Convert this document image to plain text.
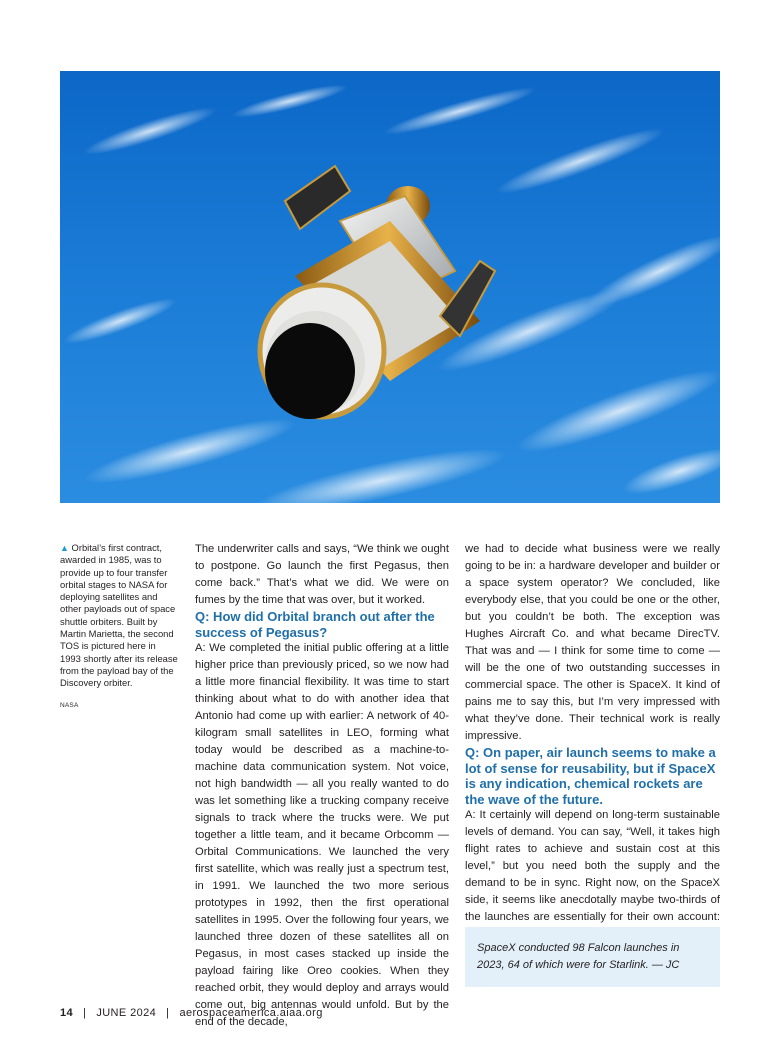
▲ Orbital’s first contract, awarded in 1985, was to provide up to four transfer orbital stages to NASA for deploying satellites and other payloads out of space shuttle orbiters. Built by Martin Marietta, the second TOS is pictured here in 1993 shortly after its release from the payload bay of the Discovery orbiter.
NASA

The underwriter calls and says, “We think we ought to postpone. Go launch the first Pegasus, then come back.” That’s what we did. We were on fumes by the time that was over, but it worked.

Q: How did Orbital branch out after the success of Pegasus?

A: We completed the initial public offering at a little higher price than previously priced, so we now had a little more financial flexibility. It was time to start thinking about what to do with another idea that Antonio had come up with earlier: A network of 40-kilogram small satellites in LEO, forming what today would be described as a machine-to-machine data communication system. Not voice, not high bandwidth — all you really wanted to do was let something like a trucking company receive signals to track where the trucks were. We put together a little team, and it became Orbcomm — Orbital Communications. We launched the very first satellite, which was really just a spectrum test, in 1991. We launched the two more serious prototypes in 1992, then the first operational satellites in 1995. Over the following four years, we launched three dozen of these satellites all on Pegasus, in most cases stacked up inside the payload fairing like Oreo cookies. When they reached orbit, they would deploy and arrays would come out, big antennas would unfold. But by the end of the decade,

we had to decide what business were we really going to be in: a hardware developer and builder or a space system operator? We concluded, like everybody else, that you could be one or the other, but you couldn’t be both. The exception was Hughes Aircraft Co. and what became DirecTV. That was and — I think for some time to come — will be the one of two outstanding successes in commercial space. The other is SpaceX. It kind of pains me to say this, but I’m very impressed with what they’ve done. Their technical work is really impressive.

Q: On paper, air launch seems to make a lot of sense for reusability, but if SpaceX is any indication, chemical rockets are the wave of the future.

A: It certainly will depend on long-term sustainable levels of demand. You can say, “Well, it takes high flight rates to achieve and sustain cost at this level,” but you need both the supply and the demand to be in sync. Right now, on the SpaceX side, it seems like anecdotally maybe two-thirds of the launches are essentially for their own account:

SpaceX conducted 98 Falcon launches in 2023, 64 of which were for Starlink. — JC
14 | JUNE 2024 | aerospaceamerica.aiaa.org
